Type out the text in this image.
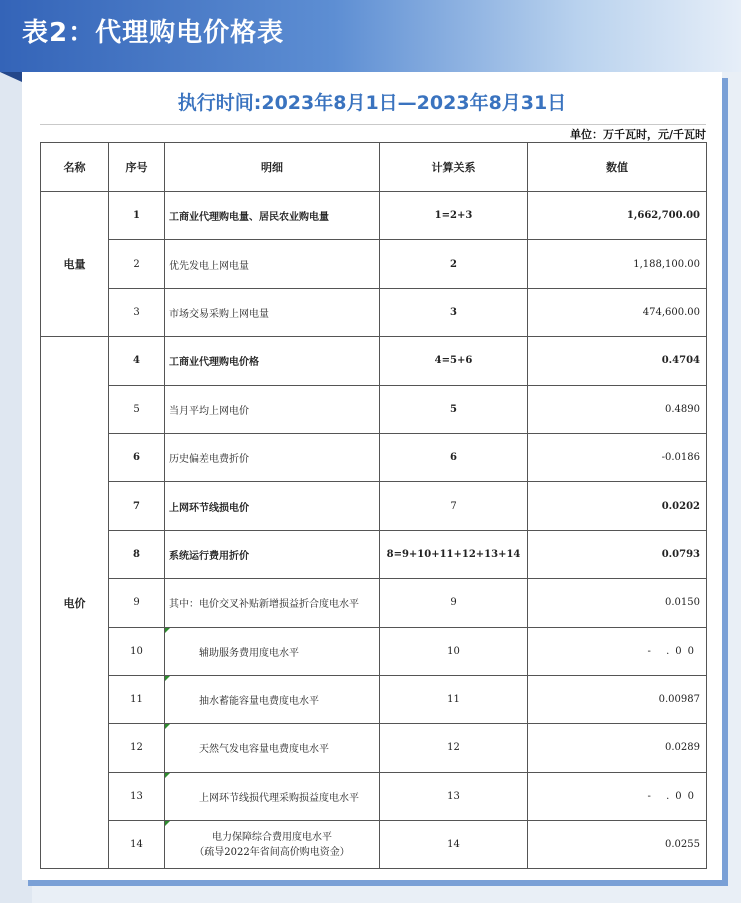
表2：代理购电价格表
执行时间:2023年8月1日—2023年8月31日
单位：万千瓦时，元/千瓦时
名称	序号	明细	计算关系	数值
电量	1	工商业代理购电量、居民农业购电量	1=2+3	1,662,700.00
	2	优先发电上网电量	2	1,188,100.00
	3	市场交易采购上网电量	3	474,600.00
电价	4	工商业代理购电价格	4=5+6	0.4704
	5	当月平均上网电价	5	0.4890
	6	历史偏差电费折价	6	-0.0186
	7	上网环节线损电价	7	0.0202
	8	系统运行费用折价	8=9+10+11+12+13+14	0.0793
	9	其中：电价交叉补贴新增损益折合度电水平	9	0.0150
	10	辅助服务费用度电水平	10	- .00
	11	抽水蓄能容量电费度电水平	11	0.00987
	12	天然气发电容量电费度电水平	12	0.0289
	13	上网环节线损代理采购损益度电水平	13	- .00
	14	电力保障综合费用度电水平
（疏导2022年省间高价购电资金）	14	0.0255
